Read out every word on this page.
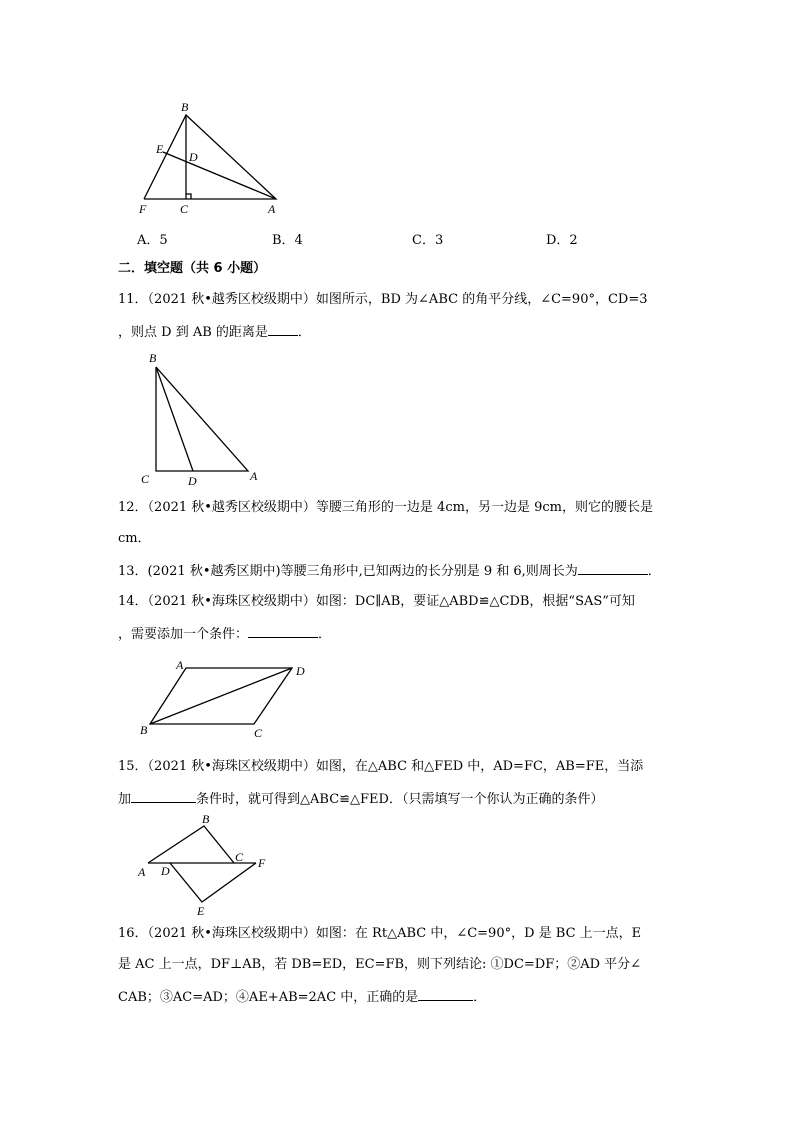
B
E
D
F	C	A
A．5	B．4	C．3	D．2
二．填空题（共 6 小题）
11．（2021 秋•越秀区校级期中）如图所示，BD 为∠ABC 的角平分线，∠C=90°，CD=3
，则点 D 到 AB 的距离是 ．
B
C	D	A
12．（2021 秋•越秀区校级期中）等腰三角形的一边是 4cm，另一边是 9cm，则它的腰长是
cm．
13．(2021 秋•越秀区期中)等腰三角形中,已知两边的长分别是 9 和 6,则周长为	．
14．（2021 秋•海珠区校级期中）如图：DC∥AB，要证△ABD≌△CDB，根据“SAS”可知
，需要添加一个条件：	．
A	D
B	C
15．（2021 秋•海珠区校级期中）如图，在△ABC 和△FED 中，AD=FC，AB=FE，当添
加	条件时，就可得到△ABC≌△FED．（只需填写一个你认为正确的条件）
B
C F
A D
E
16．（2021 秋•海珠区校级期中）如图：在 Rt△ABC 中，∠C=90°，D 是 BC 上一点，E
是 AC 上一点，DF⊥AB，若 DB=ED，EC=FB，则下列结论: ①DC=DF；②AD 平分∠
CAB；③AC=AD；④AE+AB=2AC 中，正确的是	．
